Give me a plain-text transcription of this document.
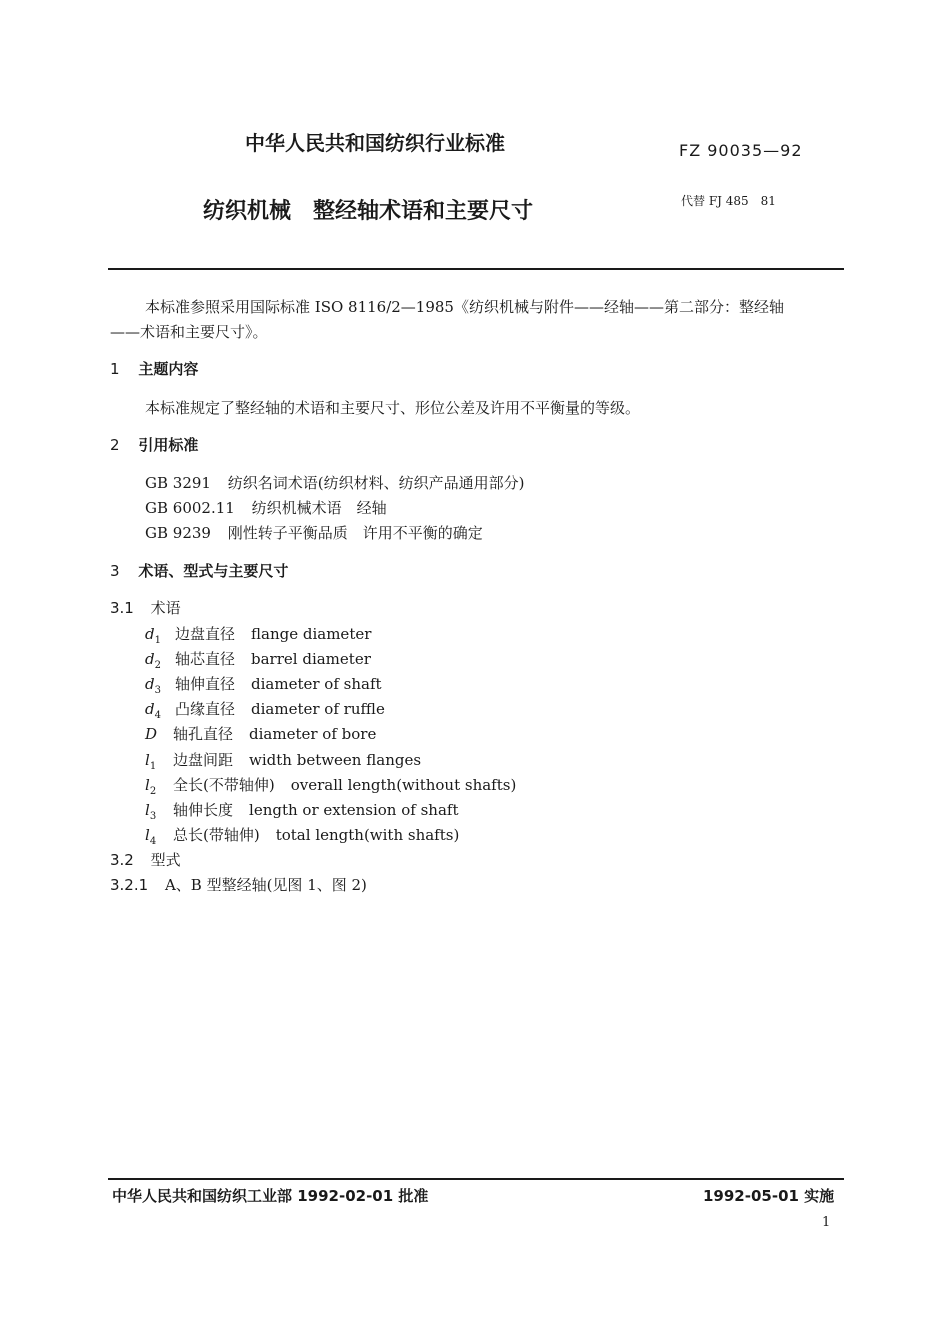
中华人民共和国纺织行业标准	FZ 90035—92
纺织机械　整经轴术语和主要尺寸	代替 FJ 485　81
本标准参照采用国际标准 ISO 8116/2—1985《纺织机械与附件——经轴——第二部分：整经轴
——术语和主要尺寸》。
1 主题内容
本标准规定了整经轴的术语和主要尺寸、形位公差及许用不平衡量的等级。
2 引用标准
GB 3291 纺织名词术语(纺织材料、纺织产品通用部分)
GB 6002.11 纺织机械术语　经轴
GB 9239 刚性转子平衡品质　许用不平衡的确定
3 术语、型式与主要尺寸
3.1 术语
$d_1$ 边盘直径 flange diameter
$d_2$ 轴芯直径 barrel diameter
$d_3$ 轴伸直径 diameter of shaft
$d_4$ 凸缘直径 diameter of ruffle
D 轴孔直径 diameter of bore
$l_1$ 边盘间距 width between flanges
$l_2$ 全长(不带轴伸) overall length(without shafts)
$l_3$ 轴伸长度 length or extension of shaft
$l_4$ 总长(带轴伸) total length(with shafts)
3.2 型式
3.2.1 A、B 型整经轴(见图 1、图 2)
中华人民共和国纺织工业部 1992-02-01 批准	1992-05-01 实施
1
